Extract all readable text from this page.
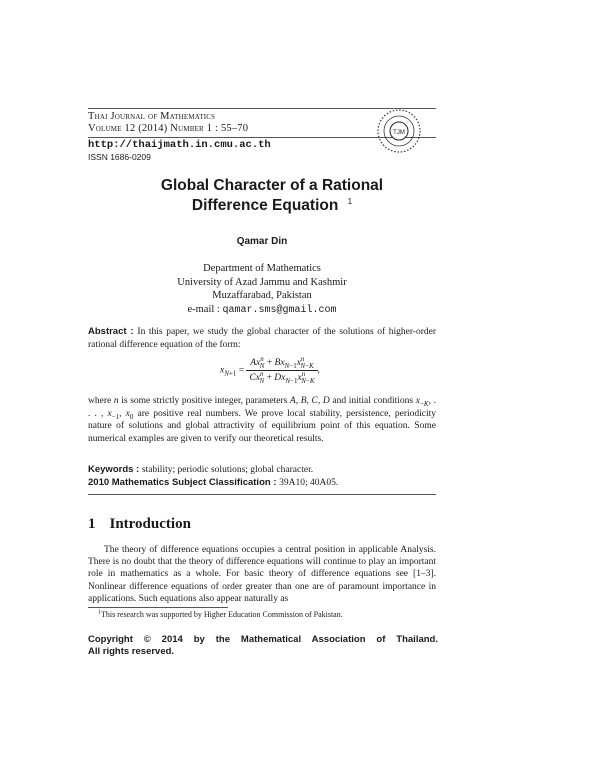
Thai Journal of Mathematics
Volume 12 (2014) Number 1 : 55–70
http://thaijmath.in.cmu.ac.th
ISSN 1686-0209
TJM
Global Character of a Rational
Difference Equation $^1$
Qamar Din
Department of Mathematics
University of Azad Jammu and Kashmir
Muzaffarabad, Pakistan
e-mail : qamar.sms@gmail.com
Abstract : In this paper, we study the global character of the solutions of higher-order rational difference equation of the form:
$x_{N+1} = \frac{Ax^n_N + Bx_{N-1}x^n_{N-K}}{Cx^n_N + Dx_{N-1}x^n_{N-K}}$ ,
where n is some strictly positive integer, parameters A, B, C, D and initial conditions $x_{-K}$, . . . , $x_{-1}$, $x_0$ are positive real numbers. We prove local stability, persistence, periodicity nature of solutions and global attractivity of equilibrium point of this equation. Some numerical examples are given to verify our theoretical results.
Keywords : stability; periodic solutions; global character.
2010 Mathematics Subject Classification : 39A10; 40A05.
1 Introduction
The theory of difference equations occupies a central position in applicable Analysis. There is no doubt that the theory of difference equations will continue to play an important role in mathematics as a whole. For basic theory of difference equations see [1–3]. Nonlinear difference equations of order greater than one are of paramount importance in applications. Such equations also appear naturally as
$^1$This research was supported by Higher Education Commission of Pakistan.
Copyright © 2014 by the Mathematical Association of Thailand.
All rights reserved.
